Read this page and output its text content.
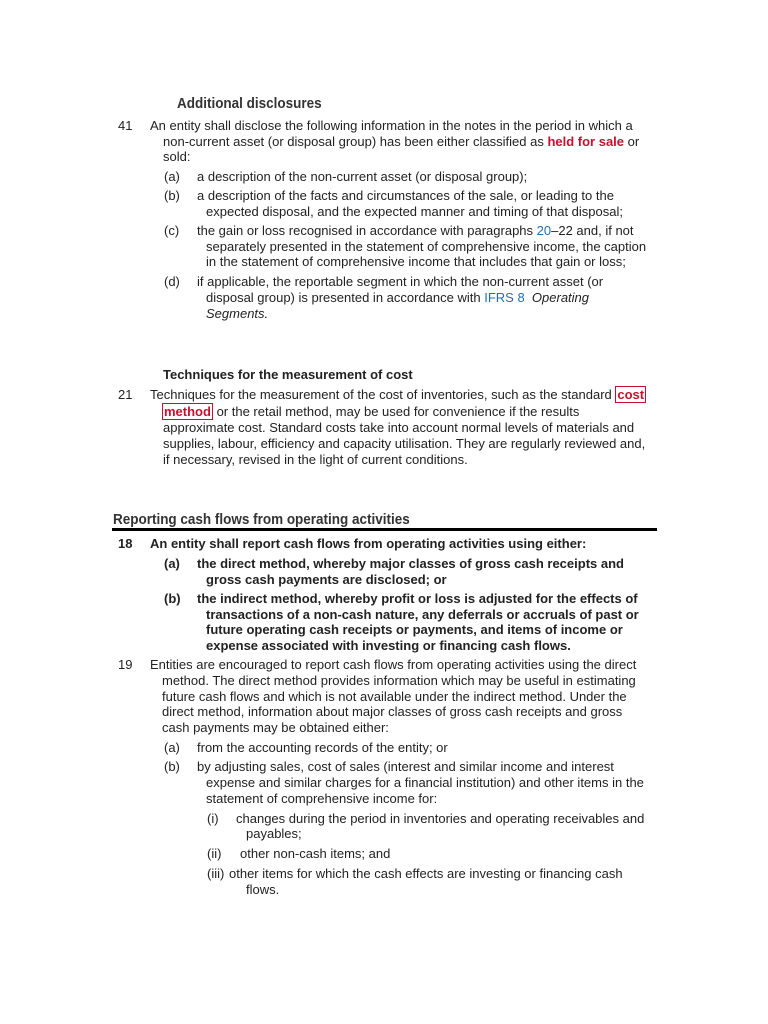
Additional disclosures
41 An entity shall disclose the following information in the notes in the period in which a
non-current asset (or disposal group) has been either classified as held for sale or
sold:
(a) a description of the non-current asset (or disposal group);
(b) a description of the facts and circumstances of the sale, or leading to the
expected disposal, and the expected manner and timing of that disposal;
(c) the gain or loss recognised in accordance with paragraphs 20–22 and, if not
separately presented in the statement of comprehensive income, the caption
in the statement of comprehensive income that includes that gain or loss;
(d) if applicable, the reportable segment in which the non-current asset (or
disposal group) is presented in accordance with IFRS 8 Operating
Segments.
Techniques for the measurement of cost
21 Techniques for the measurement of the cost of inventories, such as the standard cost
method or the retail method, may be used for convenience if the results
approximate cost. Standard costs take into account normal levels of materials and
supplies, labour, efficiency and capacity utilisation. They are regularly reviewed and,
if necessary, revised in the light of current conditions.
Reporting cash flows from operating activities
18 An entity shall report cash flows from operating activities using either:
(a) the direct method, whereby major classes of gross cash receipts and
gross cash payments are disclosed; or
(b) the indirect method, whereby profit or loss is adjusted for the effects of
transactions of a non-cash nature, any deferrals or accruals of past or
future operating cash receipts or payments, and items of income or
expense associated with investing or financing cash flows.
19 Entities are encouraged to report cash flows from operating activities using the direct
method. The direct method provides information which may be useful in estimating
future cash flows and which is not available under the indirect method. Under the
direct method, information about major classes of gross cash receipts and gross
cash payments may be obtained either:
(a) from the accounting records of the entity; or
(b) by adjusting sales, cost of sales (interest and similar income and interest
expense and similar charges for a financial institution) and other items in the
statement of comprehensive income for:
(i) changes during the period in inventories and operating receivables and
payables;
(ii) other non-cash items; and
(iii) other items for which the cash effects are investing or financing cash
flows.
